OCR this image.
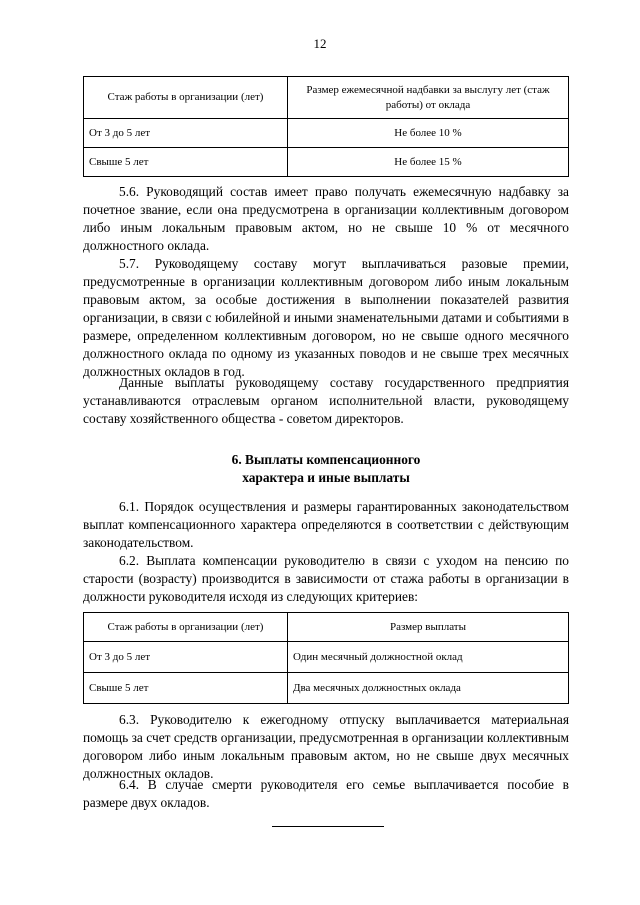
12
Стаж работы в организации (лет)	Размер ежемесячной надбавки за выслугу лет (стаж работы) от оклада
От 3 до 5 лет	Не более 10 %
Свыше 5 лет	Не более 15 %

5.6. Руководящий состав имеет право получать ежемесячную надбавку за почетное звание, если она предусмотрена в организации коллективным договором либо иным локальным правовым актом, но не свыше 10 % от месячного должностного оклада.

5.7. Руководящему составу могут выплачиваться разовые премии, предусмотренные в организации коллективным договором либо иным локальным правовым актом, за особые достижения в выполнении показателей развития организации, в связи с юбилейной и иными знаменательными датами и событиями в размере, определенном коллективным договором, но не свыше одного месячного должностного оклада по одному из указанных поводов и не свыше трех месячных должностных окладов в год.

Данные выплаты руководящему составу государственного предприятия устанавливаются отраслевым органом исполнительной власти, руководящему составу хозяйственного общества - советом директоров.

6. Выплаты компенсационного
характера и иные выплаты

6.1. Порядок осуществления и размеры гарантированных законодательством выплат компенсационного характера определяются в соответствии с действующим законодательством.

6.2. Выплата компенсации руководителю в связи с уходом на пенсию по старости (возрасту) производится в зависимости от стажа работы в организации в должности руководителя исходя из следующих критериев:

Стаж работы в организации (лет)	Размер выплаты
От 3 до 5 лет	Один месячный должностной оклад
Свыше 5 лет	Два месячных должностных оклада

6.3. Руководителю к ежегодному отпуску выплачивается материальная помощь за счет средств организации, предусмотренная в организации коллективным договором либо иным локальным правовым актом, но не свыше двух месячных должностных окладов.

6.4. В случае смерти руководителя его семье выплачивается пособие в размере двух окладов.
